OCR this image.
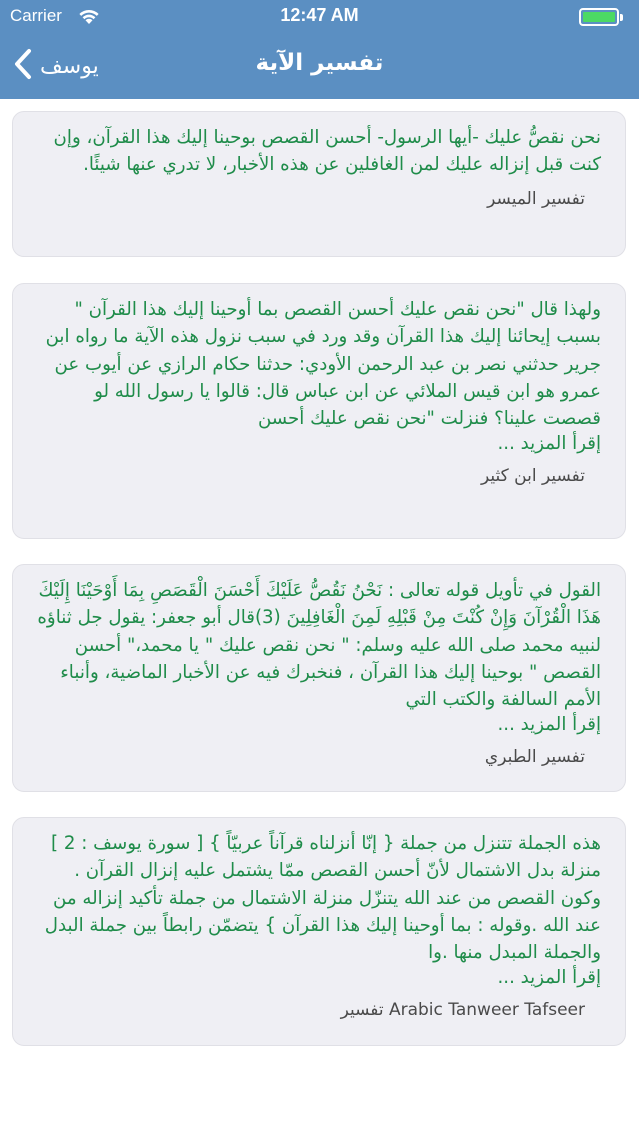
Carrier	12:47 AM
يوسف	تفسير الآية
نحن نقصُّ عليك -أيها الرسول- أحسن القصص بوحينا إليك هذا القرآن، وإن كنت قبل إنزاله عليك لمن الغافلين عن هذه الأخبار، لا تدري عنها شيئًا.
تفسير الميسر
ولهذا قال "نحن نقص عليك أحسن القصص بما أوحينا إليك هذا القرآن " بسبب إيحائنا إليك هذا القرآن وقد ورد في سبب نزول هذه الآية ما رواه ابن جرير حدثني نصر بن عبد الرحمن الأودي: حدثنا حكام الرازي عن أيوب عن عمرو هو ابن قيس الملائي عن ابن عباس قال: قالوا يا رسول الله لو قصصت علينا؟ فنزلت "نحن نقص عليك أحسن
إقرأ المزيد ...
تفسير ابن كثير
القول في تأويل قوله تعالى : نَحْنُ نَقُصُّ عَلَيْكَ أَحْسَنَ الْقَصَصِ بِمَا أَوْحَيْنَا إِلَيْكَ هَذَا الْقُرْآنَ وَإِنْ كُنْتَ مِنْ قَبْلِهِ لَمِنَ الْغَافِلِينَ (3)قال أبو جعفر: يقول جل ثناؤه لنبيه محمد صلى الله عليه وسلم: " نحن نقص عليك " يا محمد،" أحسن القصص " بوحينا إليك هذا القرآن ، فنخبرك فيه عن الأخبار الماضية، وأنباء الأمم السالفة والكتب التي
إقرأ المزيد ...
تفسير الطبري
هذه الجملة تتنزل من جملة { إنّا أنزلناه قرآناً عربيّاً } [ سورة يوسف : 2 ] منزلة بدل الاشتمال لأنّ أحسن القصص ممّا يشتمل عليه إنزال القرآن . وكون القصص من عند الله يتنزّل منزلة الاشتمال من جملة تأكيد إنزاله من عند الله .وقوله : بما أوحينا إليك هذا القرآن } يتضمّن رابطاً بين جملة البدل والجملة المبدل منها .وا
إقرأ المزيد ...
Arabic Tanweer Tafseer تفسير
